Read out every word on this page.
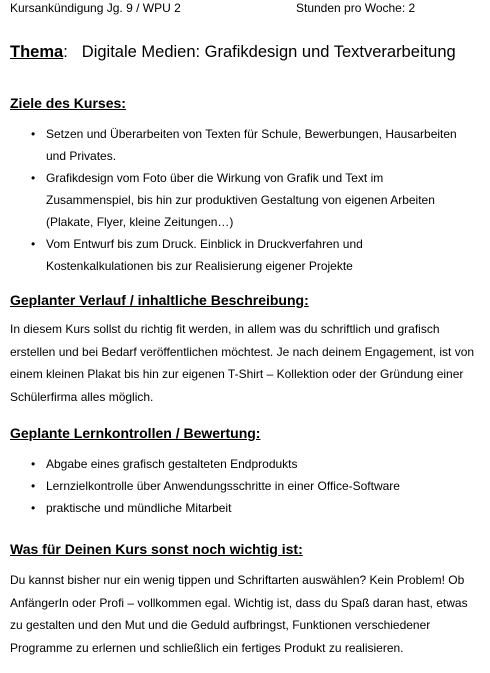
Kursankündigung Jg. 9 / WPU 2	Stunden pro Woche: 2
Thema: Digitale Medien: Grafikdesign und Textverarbeitung
Ziele des Kurses:
• Setzen und Überarbeiten von Texten für Schule, Bewerbungen, Hausarbeiten und Privates.
• Grafikdesign vom Foto über die Wirkung von Grafik und Text im Zusammenspiel, bis hin zur produktiven Gestaltung von eigenen Arbeiten (Plakate, Flyer, kleine Zeitungen…)
• Vom Entwurf bis zum Druck. Einblick in Druckverfahren und Kostenkalkulationen bis zur Realisierung eigener Projekte
Geplanter Verlauf / inhaltliche Beschreibung:
In diesem Kurs sollst du richtig fit werden, in allem was du schriftlich und grafisch erstellen und bei Bedarf veröffentlichen möchtest. Je nach deinem Engagement, ist von einem kleinen Plakat bis hin zur eigenen T-Shirt – Kollektion oder der Gründung einer Schülerfirma alles möglich.
Geplante Lernkontrollen / Bewertung:
• Abgabe eines grafisch gestalteten Endprodukts
• Lernzielkontrolle über Anwendungsschritte in einer Office-Software
• praktische und mündliche Mitarbeit
Was für Deinen Kurs sonst noch wichtig ist:
Du kannst bisher nur ein wenig tippen und Schriftarten auswählen? Kein Problem! Ob AnfängerIn oder Profi – vollkommen egal. Wichtig ist, dass du Spaß daran hast, etwas zu gestalten und den Mut und die Geduld aufbringst, Funktionen verschiedener Programme zu erlernen und schließlich ein fertiges Produkt zu realisieren.
